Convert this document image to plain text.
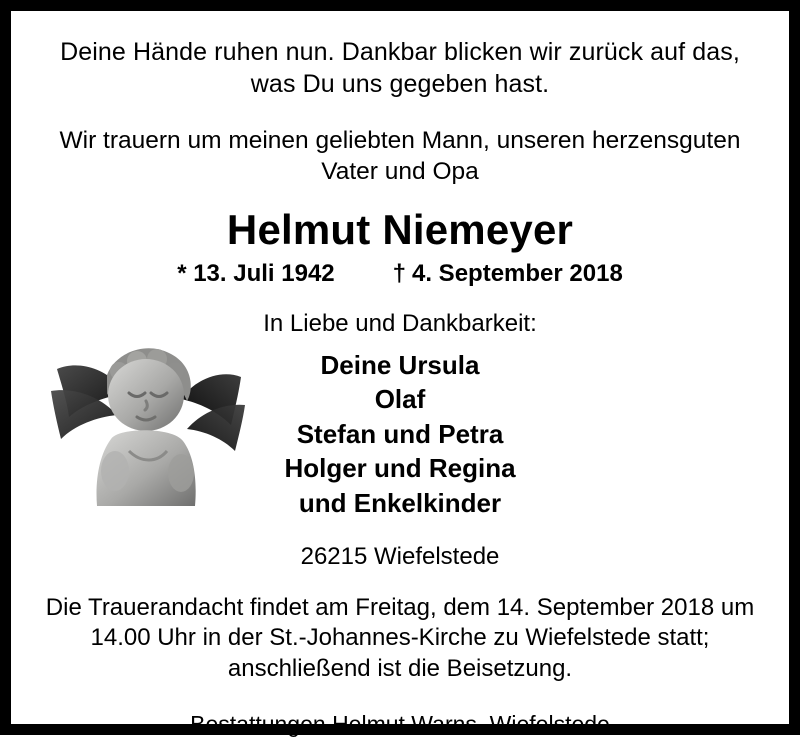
Deine Hände ruhen nun. Dankbar blicken wir zurück auf das, was Du uns gegeben hast.
Wir trauern um meinen geliebten Mann, unseren herzensguten Vater und Opa
Helmut Niemeyer
* 13. Juli 1942 † 4. September 2018
In Liebe und Dankbarkeit:
Deine Ursula
Olaf
Stefan und Petra
Holger und Regina
und Enkelkinder
26215 Wiefelstede
Die Trauerandacht findet am Freitag, dem 14. September 2018 um 14.00 Uhr in der St.-Johannes-Kirche zu Wiefelstede statt; anschließend ist die Beisetzung.
Bestattungen Helmut Warns, Wiefelstede
